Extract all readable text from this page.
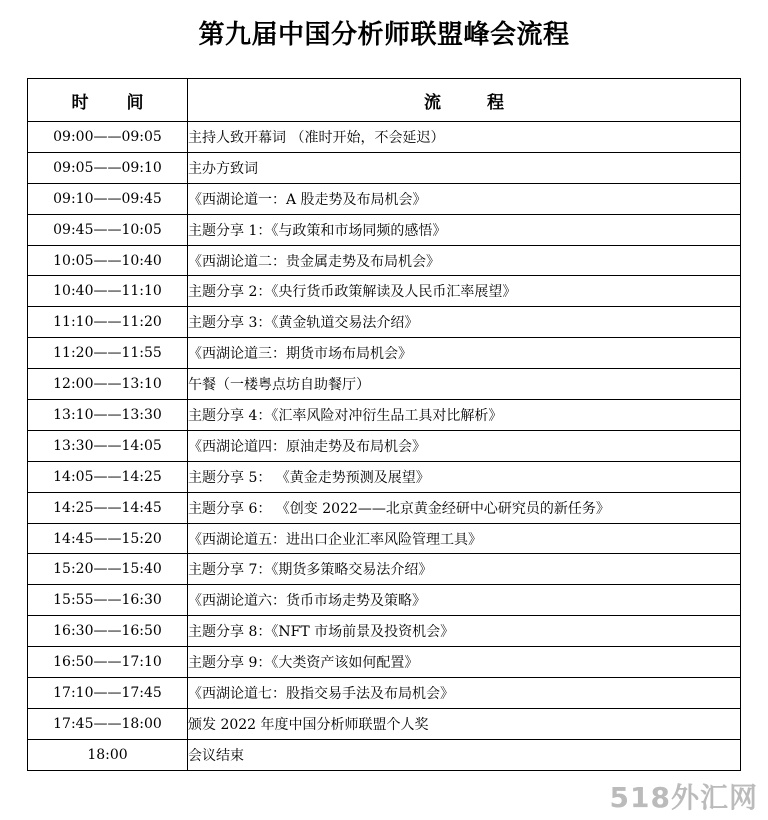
第九届中国分析师联盟峰会流程
时间	流程
09:00——09:05	主持人致开幕词 （准时开始，不会延迟）
09:05——09:10	主办方致词
09:10——09:45	《西湖论道一：A 股走势及布局机会》
09:45——10:05	主题分享 1：《与政策和市场同频的感悟》
10:05——10:40	《西湖论道二：贵金属走势及布局机会》
10:40——11:10	主题分享 2：《央行货币政策解读及人民币汇率展望》
11:10——11:20	主题分享 3：《黄金轨道交易法介绍》
11:20——11:55	《西湖论道三：期货市场布局机会》
12:00——13:10	午餐（一楼粤点坊自助餐厅）
13:10——13:30	主题分享 4：《汇率风险对冲衍生品工具对比解析》
13:30——14:05	《西湖论道四：原油走势及布局机会》
14:05——14:25	主题分享 5： 《黄金走势预测及展望》
14:25——14:45	主题分享 6： 《创变 2022——北京黄金经研中心研究员的新任务》
14:45——15:20	《西湖论道五：进出口企业汇率风险管理工具》
15:20——15:40	主题分享 7：《期货多策略交易法介绍》
15:55——16:30	《西湖论道六：货币市场走势及策略》
16:30——16:50	主题分享 8：《NFT 市场前景及投资机会》
16:50——17:10	主题分享 9：《大类资产该如何配置》
17:10——17:45	《西湖论道七：股指交易手法及布局机会》
17:45——18:00	颁发 2022 年度中国分析师联盟个人奖
18:00	会议结束
518外汇网
